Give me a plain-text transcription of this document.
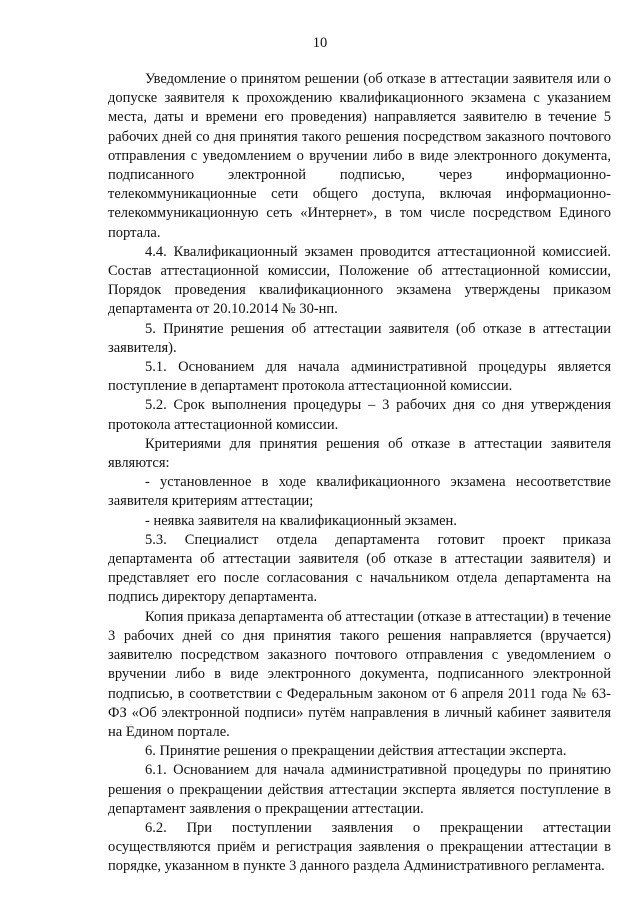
10

Уведомление о принятом решении (об отказе в аттестации заявителя или о допуске заявителя к прохождению квалификационного экзамена с указанием места, даты и времени его проведения) направляется заявителю в течение 5 рабочих дней со дня принятия такого решения посредством заказного почтового отправления с уведомлением о вручении либо в виде электронного документа, подписанного электронной подписью, через информационно-телекоммуникационные сети общего доступа, включая информационно-телекоммуникационную сеть «Интернет», в том числе посредством Единого портала.

4.4. Квалификационный экзамен проводится аттестационной комиссией. Состав аттестационной комиссии, Положение об аттестационной комиссии, Порядок проведения квалификационного экзамена утверждены приказом департамента от 20.10.2014 № 30-нп.

5. Принятие решения об аттестации заявителя (об отказе в аттестации заявителя).

5.1. Основанием для начала административной процедуры является поступление в департамент протокола аттестационной комиссии.

5.2. Срок выполнения процедуры – 3 рабочих дня со дня утверждения протокола аттестационной комиссии.

Критериями для принятия решения об отказе в аттестации заявителя являются:

- установленное в ходе квалификационного экзамена несоответствие заявителя критериям аттестации;

- неявка заявителя на квалификационный экзамен.

5.3. Специалист отдела департамента готовит проект приказа департамента об аттестации заявителя (об отказе в аттестации заявителя) и представляет его после согласования с начальником отдела департамента на подпись директору департамента.

Копия приказа департамента об аттестации (отказе в аттестации) в течение 3 рабочих дней со дня принятия такого решения направляется (вручается) заявителю посредством заказного почтового отправления с уведомлением о вручении либо в виде электронного документа, подписанного электронной подписью, в соответствии с Федеральным законом от 6 апреля 2011 года № 63-ФЗ «Об электронной подписи» путём направления в личный кабинет заявителя на Едином портале.

6. Принятие решения о прекращении действия аттестации эксперта.

6.1. Основанием для начала административной процедуры по принятию решения о прекращении действия аттестации эксперта является поступление в департамент заявления о прекращении аттестации.

6.2. При поступлении заявления о прекращении аттестации осуществляются приём и регистрация заявления о прекращении аттестации в порядке, указанном в пункте 3 данного раздела Административного регламента.
